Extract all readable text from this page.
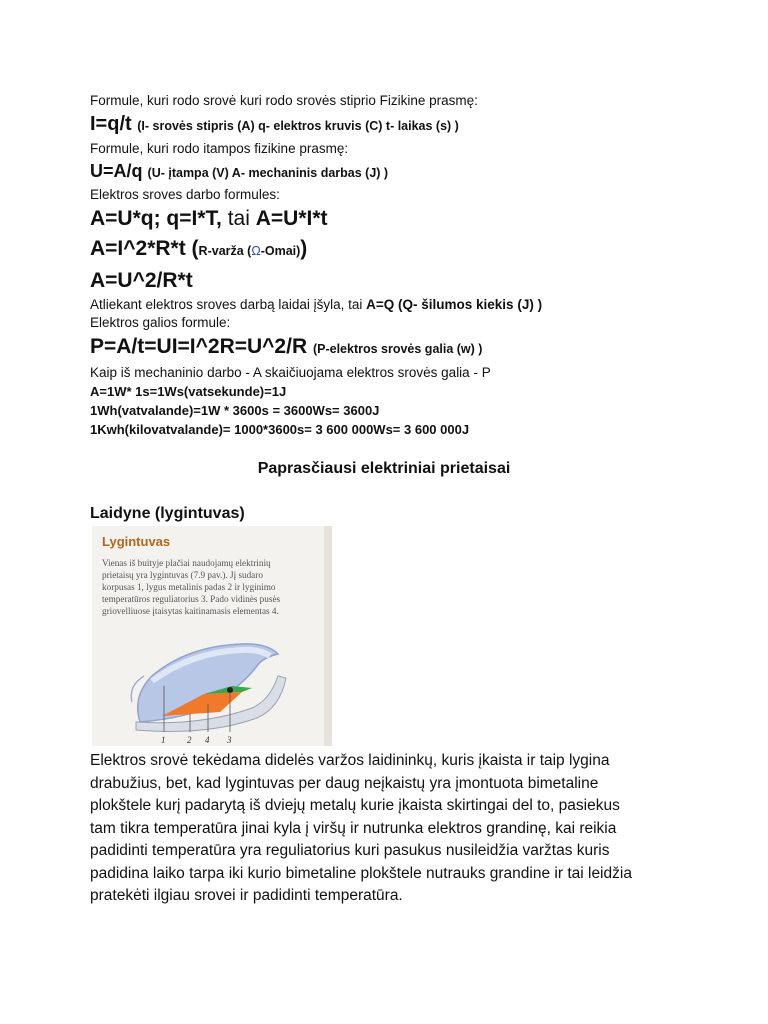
Formule, kuri rodo srovė kuri rodo srovės stiprio Fizikine prasmę:

I=q/t (I- srovės stipris (A) q- elektros kruvis (C) t- laikas (s) )

Formule, kuri rodo itampos fizikine prasmę:

U=A/q (U- įtampa (V) A- mechaninis darbas (J) )

Elektros sroves darbo formules:

A=U*q; q=I*T, tai A=U*I*t

A=I^2*R*t (R-varža (Ω-Omai))

A=U^2/R*t

Atliekant elektros sroves darbą laidai įšyla, tai A=Q (Q- šilumos kiekis (J) )

Elektros galios formule:

P=A/t=UI=I^2R=U^2/R (P-elektros srovės galia (w) )

Kaip iš mechaninio darbo - A skaičiuojama elektros srovės galia - P

A=1W* 1s=1Ws(vatsekunde)=1J

1Wh(vatvalande)=1W * 3600s = 3600Ws= 3600J

1Kwh(kilovatvalande)= 1000*3600s= 3 600 000Ws= 3 600 000J

Paprasčiausi elektriniai prietaisai

Laidyne (lygintuvas)

Lygintuvas
Vienas iš buityje plačiai naudojamų elektrinių
prietaisų yra lygintuvas (7.9 pav.). Jį sudaro
korpusas 1, lygus metalinis padas 2 ir lyginimo
temperatūros reguliatorius 3. Pado vidinės pusės
griovelliuose įtaisytas kaitinamasis elementas 4.
1 2 4 3

Elektros srovė tekėdama didelės varžos laidininkų, kuris įkaista ir taip lygina

drabužius, bet, kad lygintuvas per daug neįkaistų yra įmontuota bimetaline

plokštele kurį padarytą iš dviejų metalų kurie įkaista skirtingai del to, pasiekus

tam tikra temperatūra jinai kyla į viršų ir nutrunka elektros grandinę, kai reikia

padidinti temperatūra yra reguliatorius kuri pasukus nusileidžia varžtas kuris

padidina laiko tarpa iki kurio bimetaline plokštele nutrauks grandine ir tai leidžia

pratekėti ilgiau srovei ir padidinti temperatūra.
